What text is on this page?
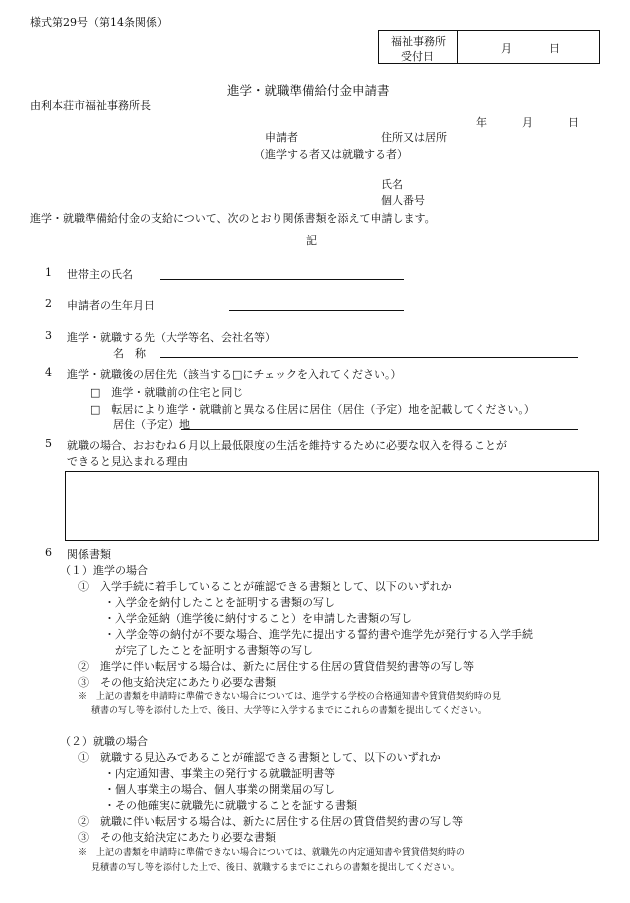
様式第29号（第14条関係）
福祉事務所
受付日
月	日
進学・就職準備給付金申請書
由利本荘市福祉事務所長
年	月	日
申請者	住所又は居所
（進学する者又は就職する者）
氏名
個人番号
進学・就職準備給付金の支給について、次のとおり関係書類を添えて申請します。
記
1 世帯主の氏名
2 申請者の生年月日
3 進学・就職する先（大学等名、会社名等）
名　称
4 進学・就職後の居住先（該当する□にチェックを入れてください。）
□　進学・就職前の住宅と同じ
□　転居により進学・就職前と異なる住居に居住（居住（予定）地を記載してください。）
居住（予定）地
5 就職の場合、おおむね６月以上最低限度の生活を維持するために必要な収入を得ることが
できると見込まれる理由
6 関係書類
（１）進学の場合
①　入学手続に着手していることが確認できる書類として、以下のいずれか
・入学金を納付したことを証明する書類の写し
・入学金延納（進学後に納付すること）を申請した書類の写し
・入学金等の納付が不要な場合、進学先に提出する誓約書や進学先が発行する入学手続
が完了したことを証明する書類等の写し
②　進学に伴い転居する場合は、新たに居住する住居の賃貸借契約書等の写し等
③　その他支給決定にあたり必要な書類
※　上記の書類を申請時に準備できない場合については、進学する学校の合格通知書や賃貸借契約時の見
積書の写し等を添付した上で、後日、大学等に入学するまでにこれらの書類を提出してください。
（２）就職の場合
①　就職する見込みであることが確認できる書類として、以下のいずれか
・内定通知書、事業主の発行する就職証明書等
・個人事業主の場合、個人事業の開業届の写し
・その他確実に就職先に就職することを証する書類
②　就職に伴い転居する場合は、新たに居住する住居の賃貸借契約書の写し等
③　その他支給決定にあたり必要な書類
※　上記の書類を申請時に準備できない場合については、就職先の内定通知書や賃貸借契約時の
見積書の写し等を添付した上で、後日、就職するまでにこれらの書類を提出してください。
